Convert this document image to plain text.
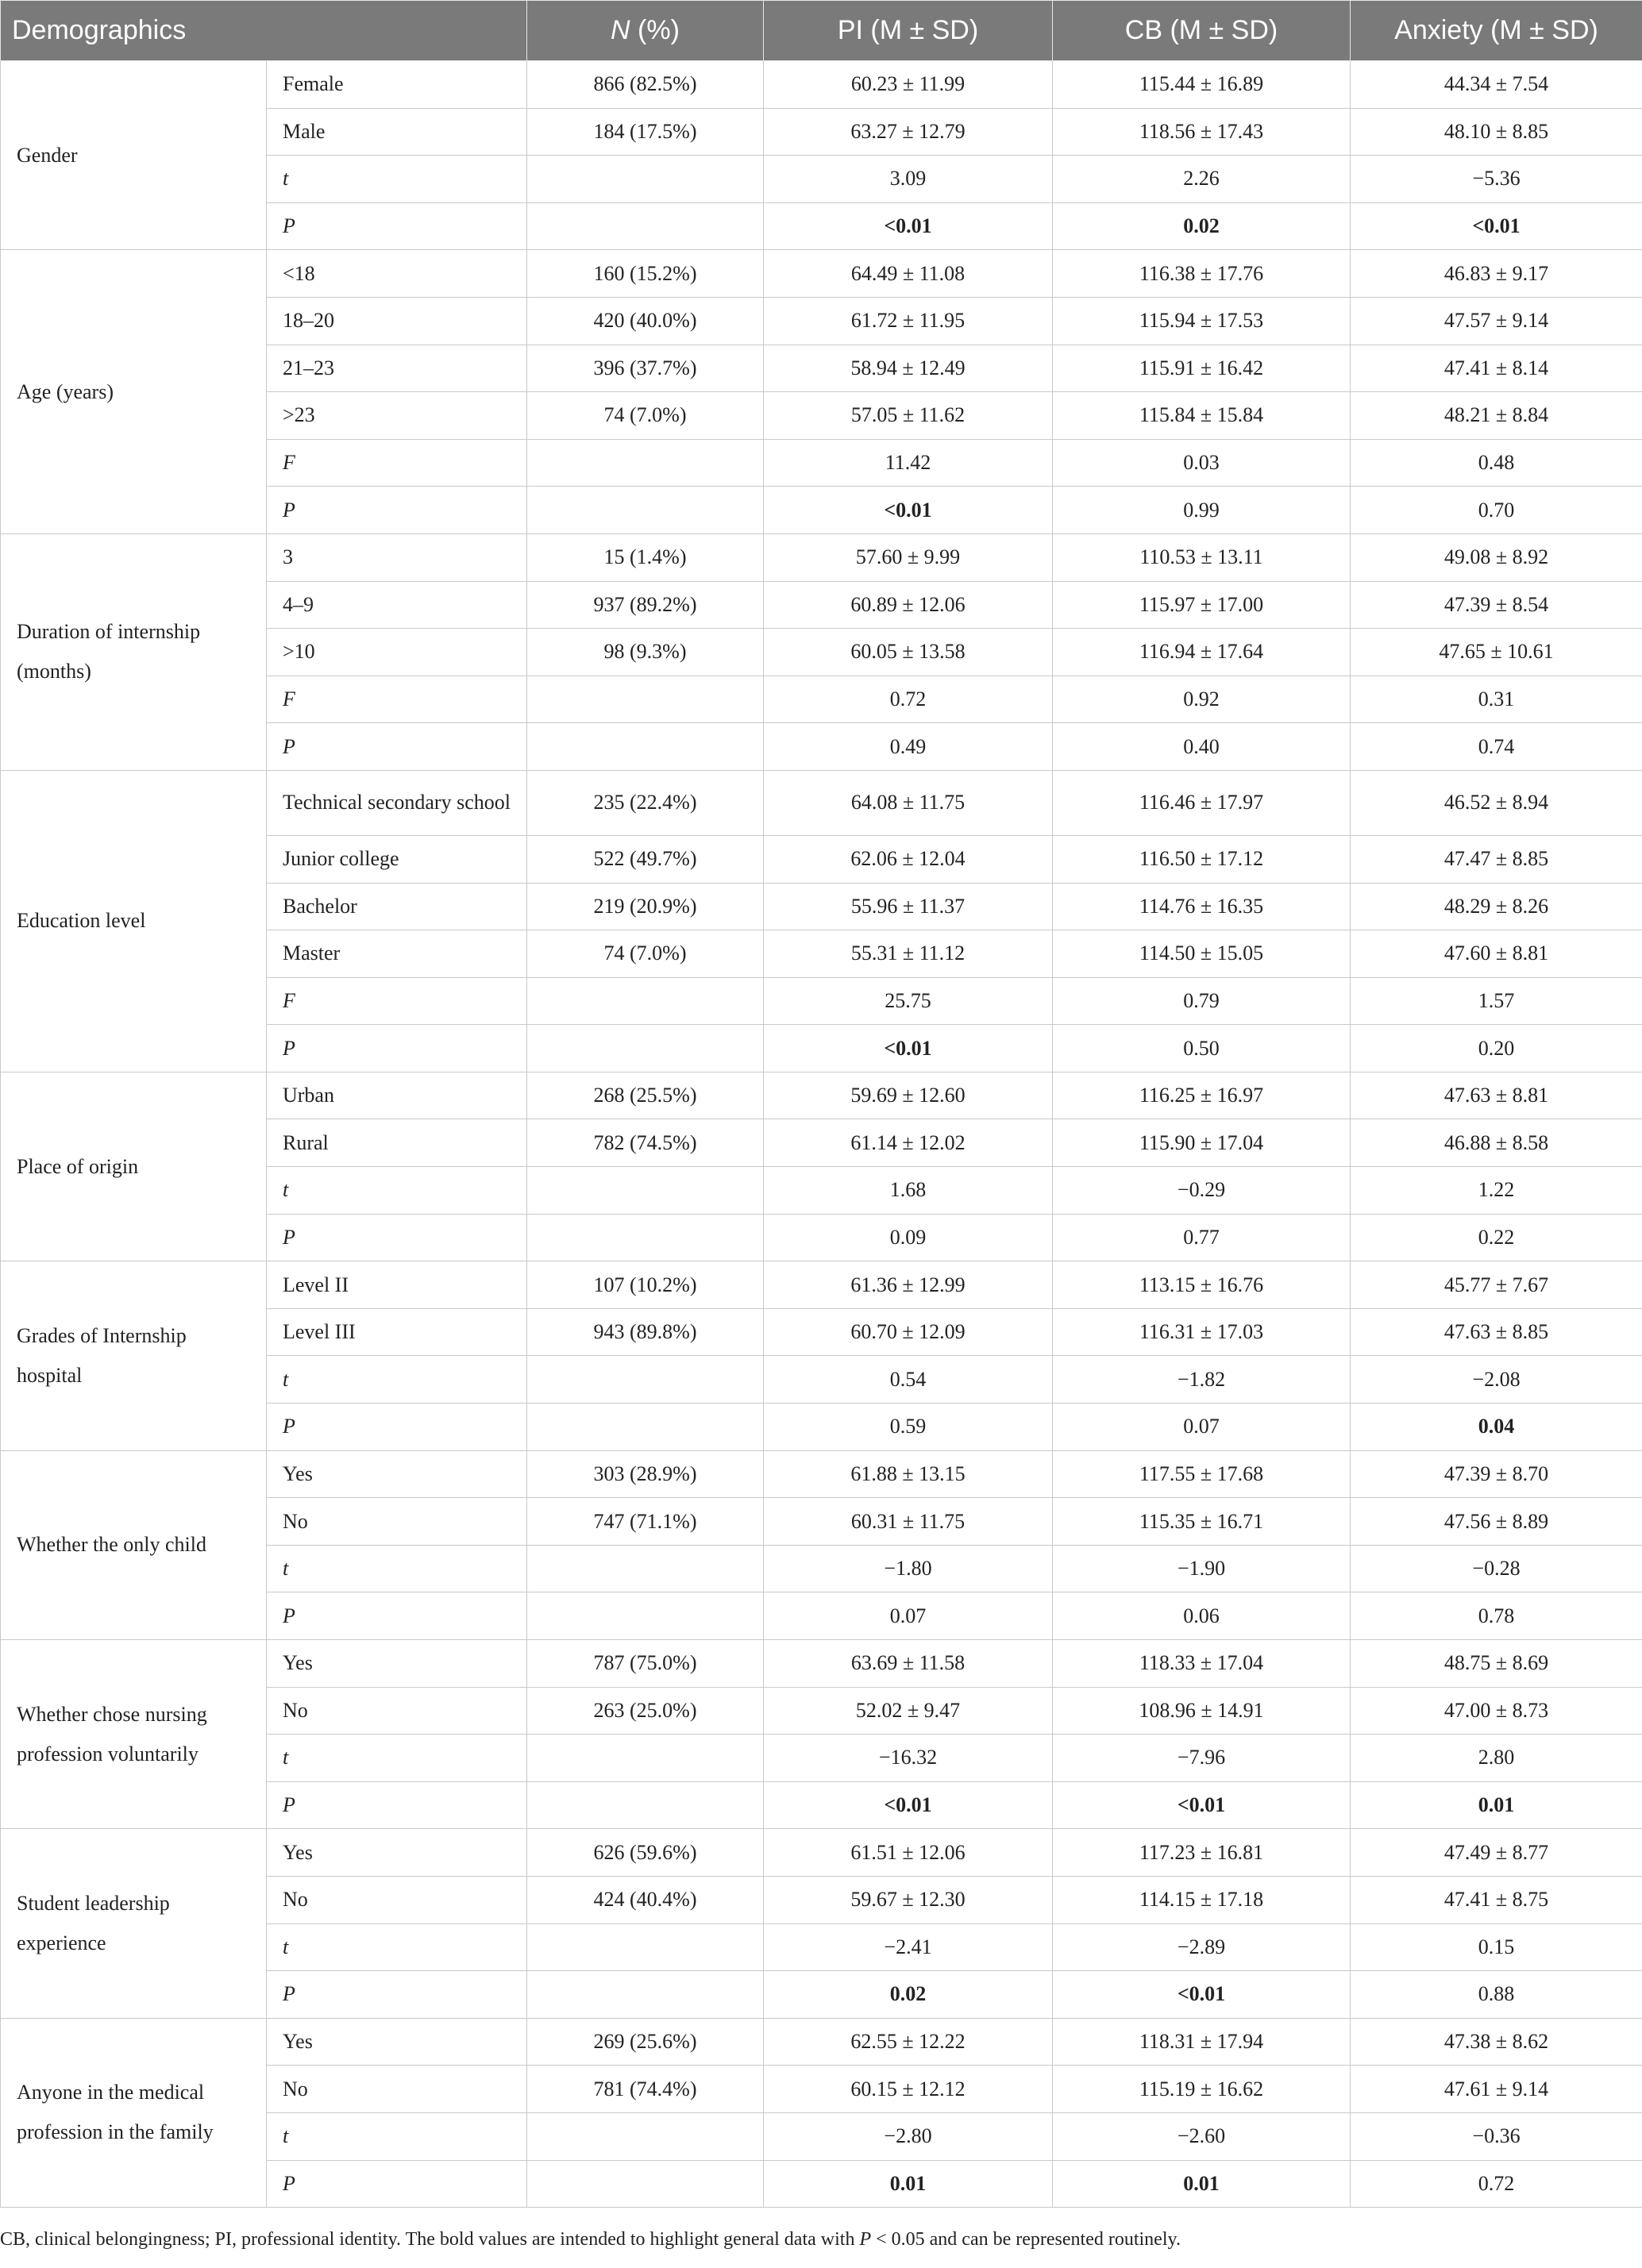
Demographics		N (%)	PI (M ± SD)	CB (M ± SD)	Anxiety (M ± SD)
Gender	Female	866 (82.5%)	60.23 ± 11.99	115.44 ± 16.89	44.34 ± 7.54
	Male	184 (17.5%)	63.27 ± 12.79	118.56 ± 17.43	48.10 ± 8.85
	t		3.09	2.26	−5.36
	P		<0.01	0.02	<0.01
Age (years)	<18	160 (15.2%)	64.49 ± 11.08	116.38 ± 17.76	46.83 ± 9.17
	18–20	420 (40.0%)	61.72 ± 11.95	115.94 ± 17.53	47.57 ± 9.14
	21–23	396 (37.7%)	58.94 ± 12.49	115.91 ± 16.42	47.41 ± 8.14
	>23	74 (7.0%)	57.05 ± 11.62	115.84 ± 15.84	48.21 ± 8.84
	F		11.42	0.03	0.48
	P		<0.01	0.99	0.70
Duration of internship (months)	3	15 (1.4%)	57.60 ± 9.99	110.53 ± 13.11	49.08 ± 8.92
	4–9	937 (89.2%)	60.89 ± 12.06	115.97 ± 17.00	47.39 ± 8.54
	>10	98 (9.3%)	60.05 ± 13.58	116.94 ± 17.64	47.65 ± 10.61
	F		0.72	0.92	0.31
	P		0.49	0.40	0.74
Education level	Technical secondary school	235 (22.4%)	64.08 ± 11.75	116.46 ± 17.97	46.52 ± 8.94
	Junior college	522 (49.7%)	62.06 ± 12.04	116.50 ± 17.12	47.47 ± 8.85
	Bachelor	219 (20.9%)	55.96 ± 11.37	114.76 ± 16.35	48.29 ± 8.26
	Master	74 (7.0%)	55.31 ± 11.12	114.50 ± 15.05	47.60 ± 8.81
	F		25.75	0.79	1.57
	P		<0.01	0.50	0.20
Place of origin	Urban	268 (25.5%)	59.69 ± 12.60	116.25 ± 16.97	47.63 ± 8.81
	Rural	782 (74.5%)	61.14 ± 12.02	115.90 ± 17.04	46.88 ± 8.58
	t		1.68	−0.29	1.22
	P		0.09	0.77	0.22
Grades of Internship hospital	Level II	107 (10.2%)	61.36 ± 12.99	113.15 ± 16.76	45.77 ± 7.67
	Level III	943 (89.8%)	60.70 ± 12.09	116.31 ± 17.03	47.63 ± 8.85
	t		0.54	−1.82	−2.08
	P		0.59	0.07	0.04
Whether the only child	Yes	303 (28.9%)	61.88 ± 13.15	117.55 ± 17.68	47.39 ± 8.70
	No	747 (71.1%)	60.31 ± 11.75	115.35 ± 16.71	47.56 ± 8.89
	t		−1.80	−1.90	−0.28
	P		0.07	0.06	0.78
Whether chose nursing profession voluntarily	Yes	787 (75.0%)	63.69 ± 11.58	118.33 ± 17.04	48.75 ± 8.69
	No	263 (25.0%)	52.02 ± 9.47	108.96 ± 14.91	47.00 ± 8.73
	t		−16.32	−7.96	2.80
	P		<0.01	<0.01	0.01
Student leadership experience	Yes	626 (59.6%)	61.51 ± 12.06	117.23 ± 16.81	47.49 ± 8.77
	No	424 (40.4%)	59.67 ± 12.30	114.15 ± 17.18	47.41 ± 8.75
	t		−2.41	−2.89	0.15
	P		0.02	<0.01	0.88
Anyone in the medical profession in the family	Yes	269 (25.6%)	62.55 ± 12.22	118.31 ± 17.94	47.38 ± 8.62
	No	781 (74.4%)	60.15 ± 12.12	115.19 ± 16.62	47.61 ± 9.14
	t		−2.80	−2.60	−0.36
	P		0.01	0.01	0.72
CB, clinical belongingness; PI, professional identity. The bold values are intended to highlight general data with P < 0.05 and can be represented routinely.
